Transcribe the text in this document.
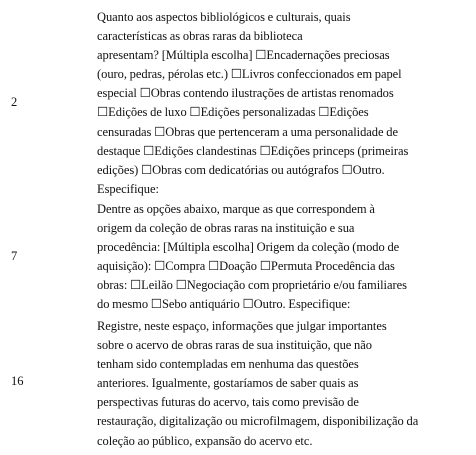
2
Quanto aos aspectos bibliológicos e culturais, quais
características as obras raras da biblioteca
apresentam? [Múltipla escolha] ☐Encadernações preciosas
(ouro, pedras, pérolas etc.) ☐Livros confeccionados em papel
especial ☐Obras contendo ilustrações de artistas renomados
☐Edições de luxo ☐Edições personalizadas ☐Edições
censuradas ☐Obras que pertenceram a uma personalidade de
destaque ☐Edições clandestinas ☐Edições princeps (primeiras
edições) ☐Obras com dedicatórias ou autógrafos ☐Outro.
Especifique:
7
Dentre as opções abaixo, marque as que correspondem à
origem da coleção de obras raras na instituição e sua
procedência: [Múltipla escolha] Origem da coleção (modo de
aquisição): ☐Compra ☐Doação ☐Permuta Procedência das
obras: ☐Leilão ☐Negociação com proprietário e/ou familiares
do mesmo ☐Sebo antiquário ☐Outro. Especifique:
16
Registre, neste espaço, informações que julgar importantes
sobre o acervo de obras raras de sua instituição, que não
tenham sido contempladas em nenhuma das questões
anteriores. Igualmente, gostaríamos de saber quais as
perspectivas futuras do acervo, tais como previsão de
restauração, digitalização ou microfilmagem, disponibilização da
coleção ao público, expansão do acervo etc.
